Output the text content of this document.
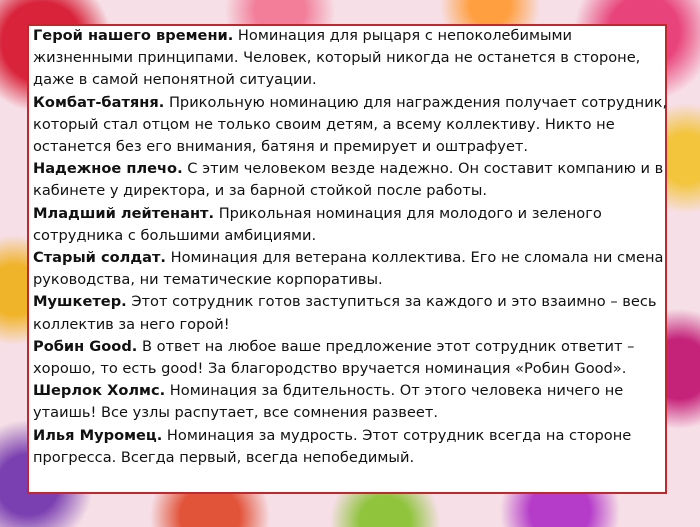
Герой нашего времени. Номинация для рыцаря с непоколебимыми жизненными принципами. Человек, который никогда не останется в стороне, даже в самой непонятной ситуации.

Комбат-батяня. Прикольную номинацию для награждения получает сотрудник, который стал отцом не только своим детям, а всему коллективу. Никто не останется без его внимания, батяня и премирует и оштрафует.

Надежное плечо. С этим человеком везде надежно. Он составит компанию и в кабинете у директора, и за барной стойкой после работы.

Младший лейтенант. Прикольная номинация для молодого и зеленого сотрудника с большими амбициями.

Старый солдат. Номинация для ветерана коллектива. Его не сломала ни смена руководства, ни тематические корпоративы.

Мушкетер. Этот сотрудник готов заступиться за каждого и это взаимно – весь коллектив за него горой!

Робин Good. В ответ на любое ваше предложение этот сотрудник ответит – хорошо, то есть good! За благородство вручается номинация «Робин Good».

Шерлок Холмс. Номинация за бдительность. От этого человека ничего не утаишь! Все узлы распутает, все сомнения развеет.

Илья Муромец. Номинация за мудрость. Этот сотрудник всегда на стороне прогресса. Всегда первый, всегда непобедимый.
